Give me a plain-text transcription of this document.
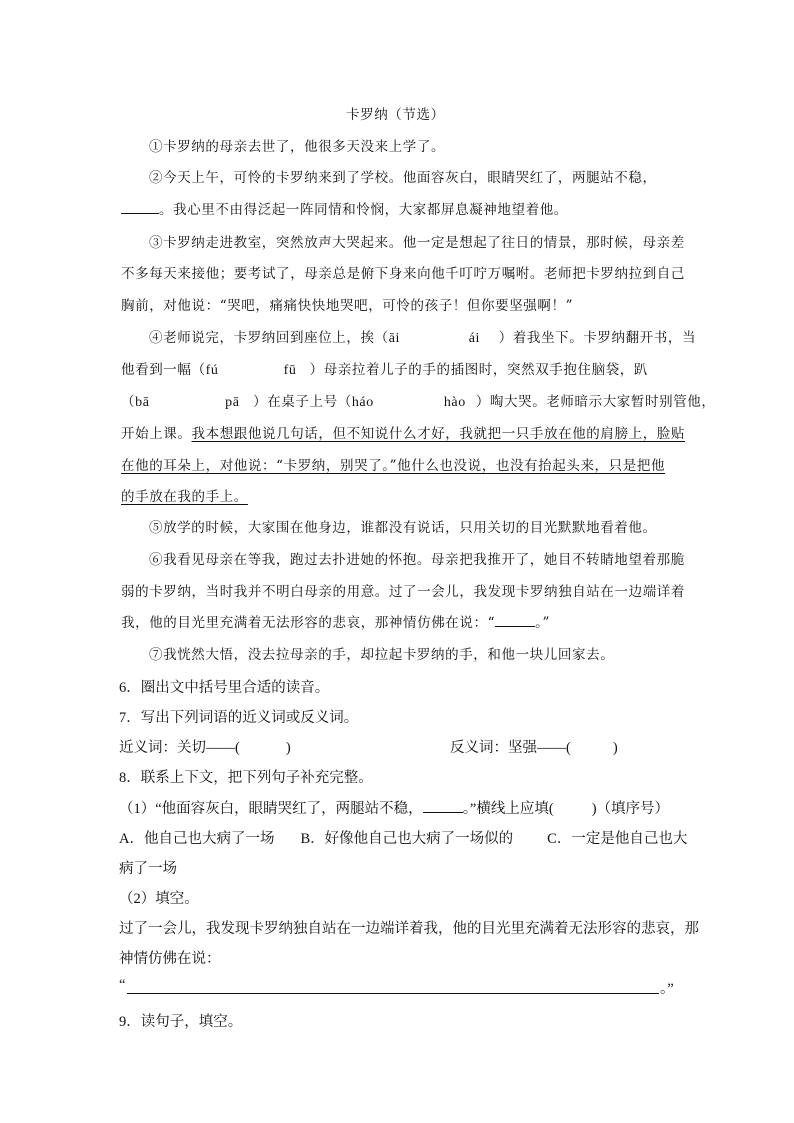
卡罗纳（节选）
①卡罗纳的母亲去世了，他很多天没来上学了。
②今天上午，可怜的卡罗纳来到了学校。他面容灰白，眼睛哭红了，两腿站不稳，
。我心里不由得泛起一阵同情和怜悯，大家都屏息凝神地望着他。
③卡罗纳走进教室，突然放声大哭起来。他一定是想起了往日的情景，那时候，母亲差
不多每天来接他；要考试了，母亲总是俯下身来向他千叮咛万嘱咐。老师把卡罗纳拉到自己
胸前，对他说：“哭吧，痛痛快快地哭吧，可怜的孩子！但你要坚强啊！”
④老师说完，卡罗纳回到座位上，挨（āi	ái ）着我坐下。卡罗纳翻开书，当
他看到一幅（fú	fū ）母亲拉着儿子的手的插图时，突然双手抱住脑袋，趴
（bā	pā ）在桌子上号（háo	hào ）啕大哭。老师暗示大家暂时别管他，
开始上课。我本想跟他说几句话，但不知说什么才好，我就把一只手放在他的肩膀上，脸贴
在他的耳朵上，对他说：“卡罗纳，别哭了。”他什么也没说，也没有抬起头来，只是把他
的手放在我的手上。
⑤放学的时候，大家围在他身边，谁都没有说话，只用关切的目光默默地看着他。
⑥我看见母亲在等我，跑过去扑进她的怀抱。母亲把我推开了，她目不转睛地望着那脆
弱的卡罗纳，当时我并不明白母亲的用意。过了一会儿，我发现卡罗纳独自站在一边端详着
我，他的目光里充满着无法形容的悲哀，那神情仿佛在说：“	。”
⑦我恍然大悟，没去拉母亲的手，却拉起卡罗纳的手，和他一块儿回家去。
6．圈出文中括号里合适的读音。
7．写出下列词语的近义词或反义词。
近义词：关切——(	)	反义词：坚强——(	)
8．联系上下文，把下列句子补充完整。
（1）“他面容灰白，眼睛哭红了，两腿站不稳，	。”横线上应填(	)（填序号）
A．他自己也大病了一场 B．好像他自己也大病了一场似的 C．一定是他自己也大
病了一场
（2）填空。
过了一会儿，我发现卡罗纳独自站在一边端详着我，他的目光里充满着无法形容的悲哀，那
神情仿佛在说：
“	。”
9．读句子，填空。
